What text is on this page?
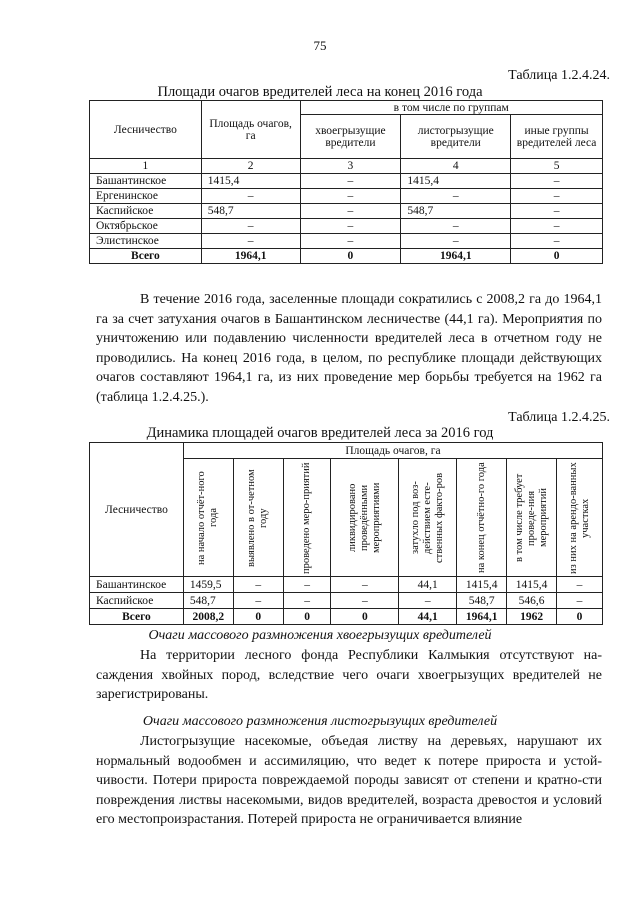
75
Таблица 1.2.4.24.
Площади очагов вредителей леса на конец 2016 года
Лесничество	Площадь очагов, га	в том числе по группам		
		хвоегрызущие вредители	листогрызущие вредители	иные группы вредителей леса
1	2	3	4	5
Башантинское	1415,4	–	1415,4	–
Ергенинское	–	–	–	–
Каспийское	548,7	–	548,7	–
Октябрьское	–	–	–	–
Элистинское	–	–	–	–
Всего	1964,1	0	1964,1	0
В течение 2016 года, заселенные площади сократились с 2008,2 га до 1964,1 га за счет затухания очагов в Башантинском лесничестве (44,1 га). Мероприятия по уничтожению или подавлению численности вредителей леса в отчетном году не проводились. На конец 2016 года, в целом, по республике площади действующих очагов составляют 1964,1 га, из них проведение мер борьбы требуется на 1962 га (таблица 1.2.4.25.).
Таблица 1.2.4.25.
Динамика площадей очагов вредителей леса за 2016 год
Лесничество	Площадь очагов, га							

	на начало отчёт-ного года	выявлено в от-четном году	проведено меро-приятий	ликвидировано проведёнными мероприятиями	затухло под воз-действием есте-ственных факто-ров	на конец отчётно-го года	в том числе требует проведе-ния мероприятий	из них на арендо-ванных участках

Башантинское	1459,5	–	–	–	44,1	1415,4	1415,4	–
Каспийское	548,7	–	–	–	–	548,7	546,6	–
Всего	2008,2	0	0	0	44,1	1964,1	1962	0
Очаги массового размножения хвоегрызущих вредителей
На территории лесного фонда Республики Калмыкия отсутствуют на-саждения хвойных пород, вследствие чего очаги хвоегрызущих вредителей не зарегистрированы.
Очаги массового размножения листогрызущих вредителей
Листогрызущие насекомые, объедая листву на деревьях, нарушают их нормальный водообмен и ассимиляцию, что ведет к потере прироста и устой-чивости. Потери прироста повреждаемой породы зависят от степени и кратно-сти повреждения листвы насекомыми, видов вредителей, возраста древостоя и условий его местопроизрастания. Потерей прироста не ограничивается влияние
